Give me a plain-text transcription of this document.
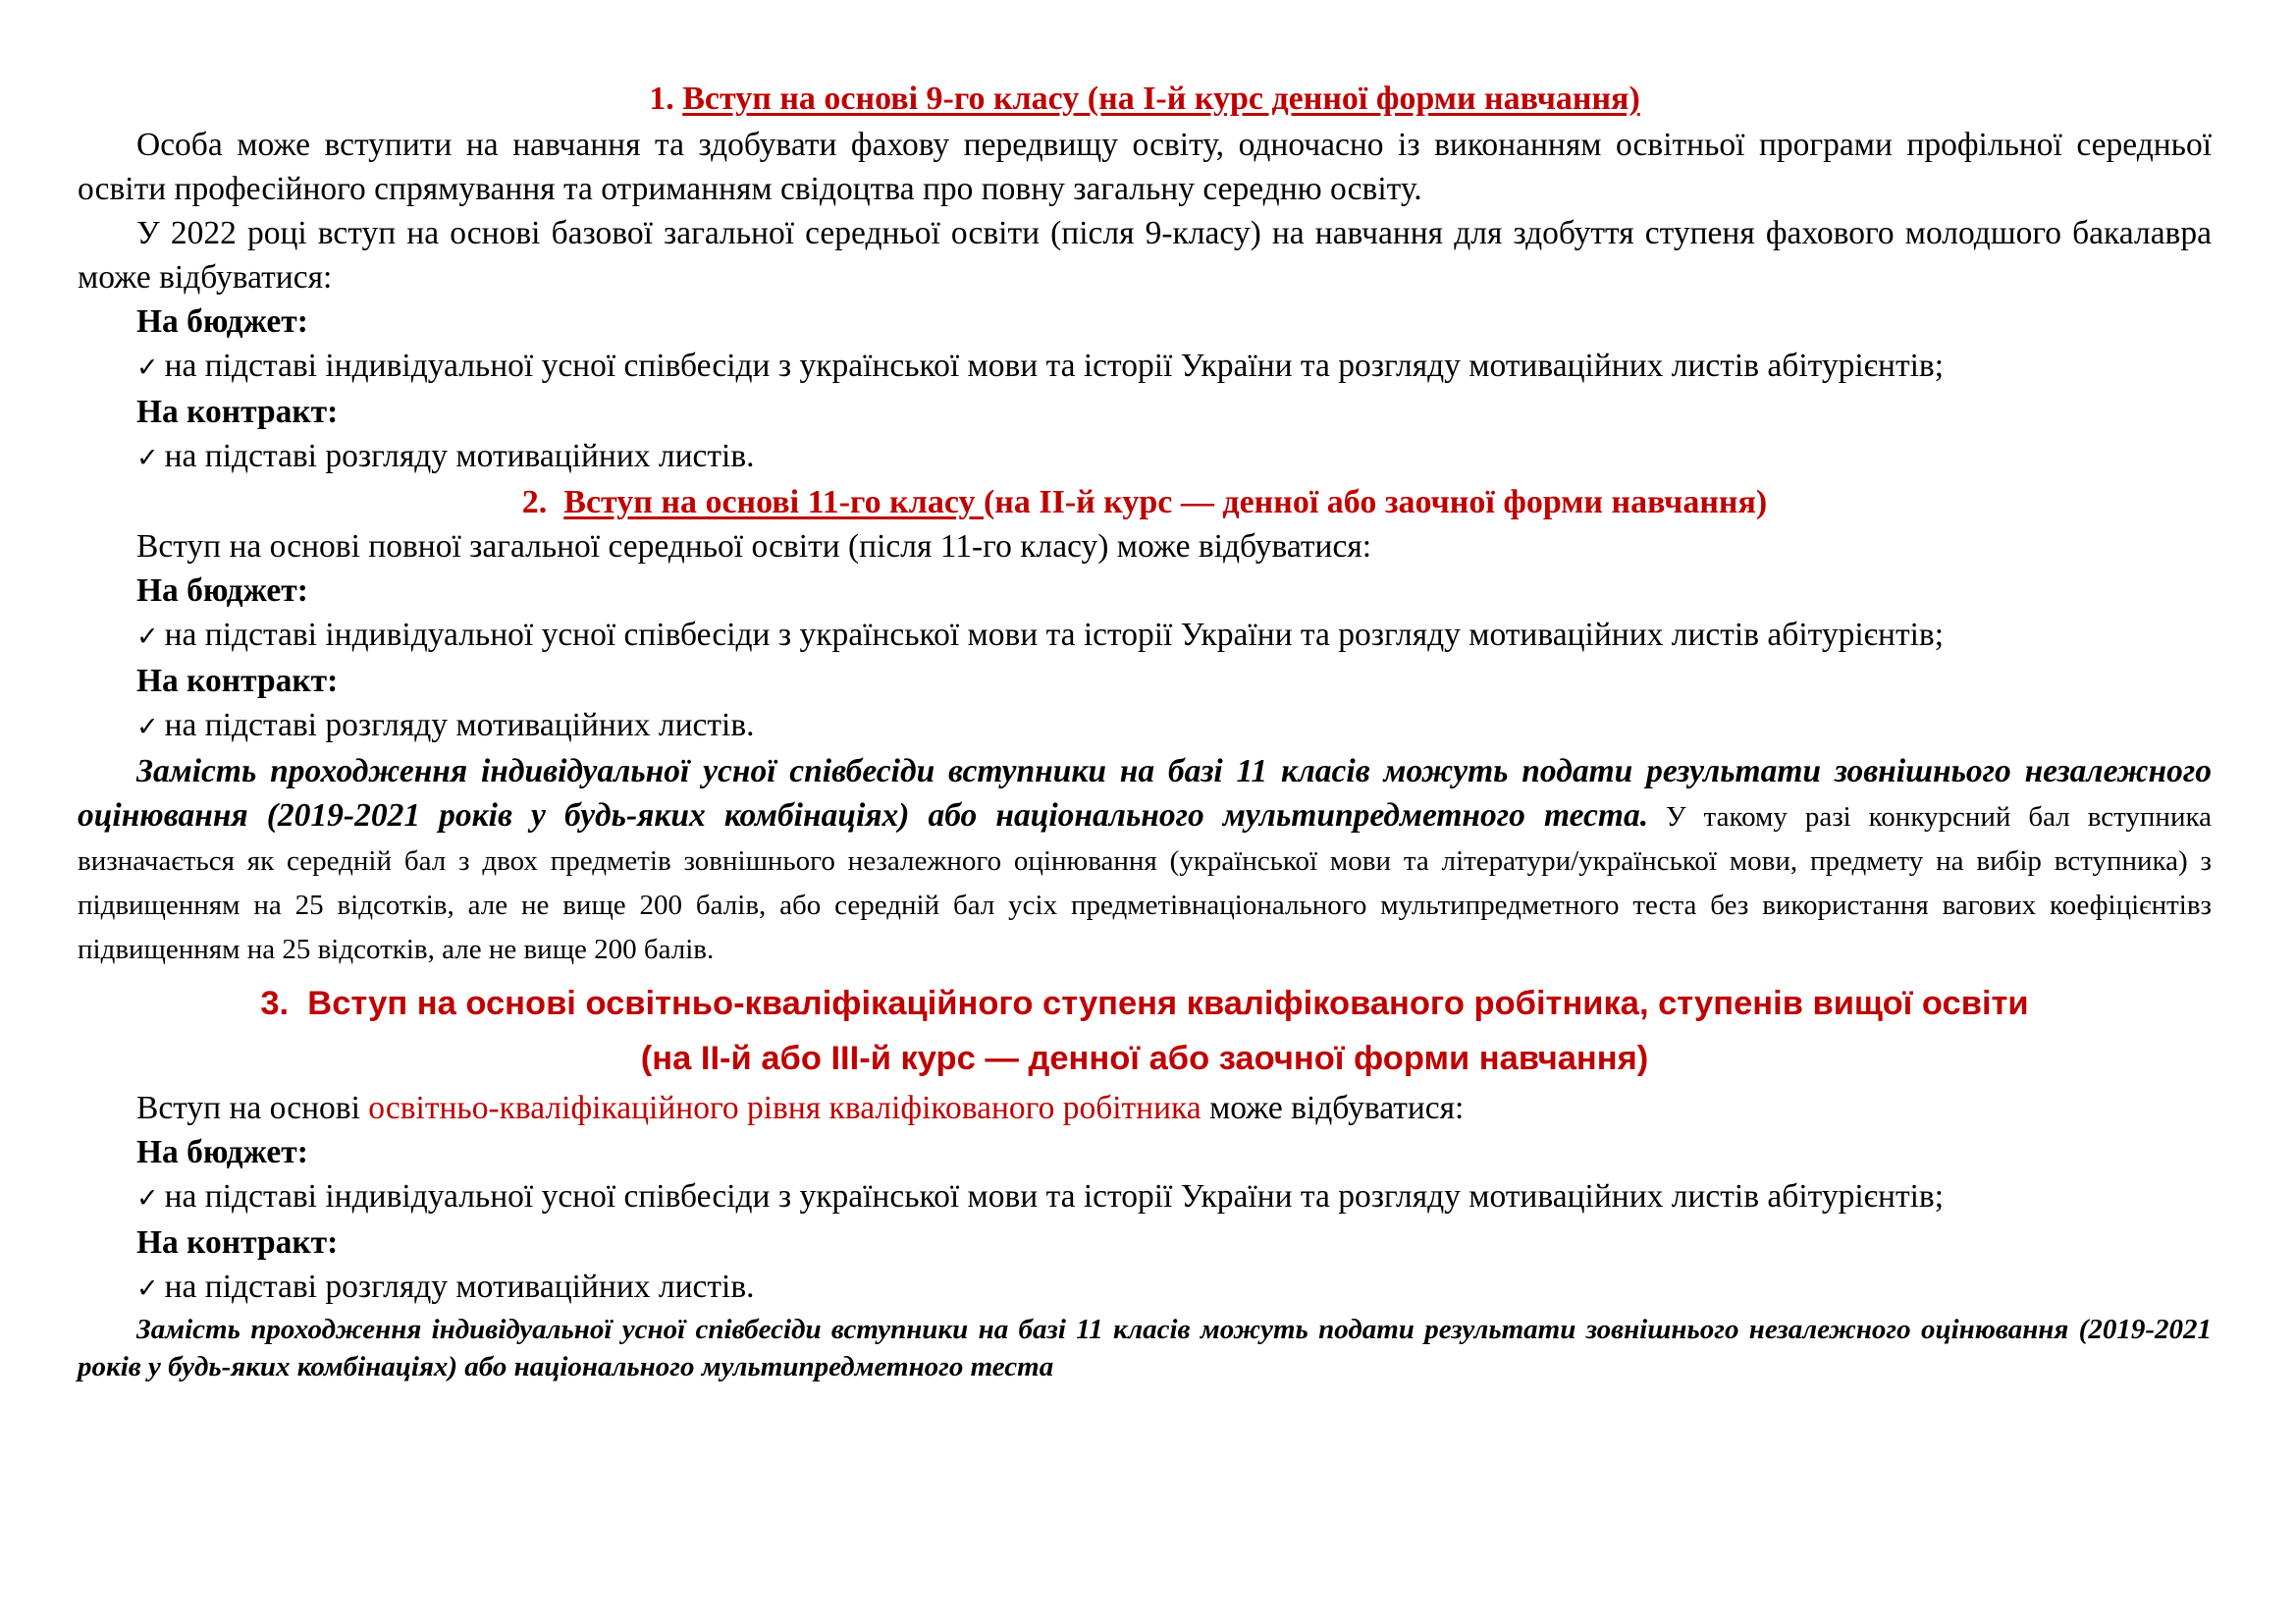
1. Вступ на основі 9-го класу (на І-й курс денної форми навчання)

Особа може вступити на навчання та здобувати фахову передвищу освіту, одночасно із виконанням освітньої програми профільної середньої освіти професійного спрямування та отриманням свідоцтва про повну загальну середню освіту.

У 2022 році вступ на основі базової загальної середньої освіти (після 9-класу) на навчання для здобуття ступеня фахового молодшого бакалавра може відбуватися:

На бюджет:

✓ на підставі індивідуальної усної співбесіди з української мови та історії України та розгляду мотиваційних листів абітурієнтів;

На контракт:

✓ на підставі розгляду мотиваційних листів.

2. Вступ на основі 11-го класу (на ІІ-й курс — денної або заочної форми навчання)

Вступ на основі повної загальної середньої освіти (після 11-го класу) може відбуватися:

На бюджет:

✓ на підставі індивідуальної усної співбесіди з української мови та історії України та розгляду мотиваційних листів абітурієнтів;

На контракт:

✓ на підставі розгляду мотиваційних листів.

Замість проходження індивідуальної усної співбесіди вступники на базі 11 класів можуть подати результати зовнішнього незалежного оцінювання (2019-2021 років у будь-яких комбінаціях) або національного мультипредметного теста. У такому разі конкурсний бал вступника визначається як середній бал з двох предметів зовнішнього незалежного оцінювання (української мови та літератури/української мови, предмету на вибір вступника) з підвищенням на 25 відсотків, але не вище 200 балів, або середній бал усіх предметівнаціонального мультипредметного теста без використання вагових коефіцієнтівз підвищенням на 25 відсотків, але не вище 200 балів.

3. Вступ на основі освітньо-кваліфікаційного ступеня кваліфікованого робітника, ступенів вищої освіти

(на ІІ-й або ІІІ-й курс — денної або заочної форми навчання)

Вступ на основі освітньо-кваліфікаційного рівня кваліфікованого робітника може відбуватися:

На бюджет:

✓ на підставі індивідуальної усної співбесіди з української мови та історії України та розгляду мотиваційних листів абітурієнтів;

На контракт:

✓ на підставі розгляду мотиваційних листів.

Замість проходження індивідуальної усної співбесіди вступники на базі 11 класів можуть подати результати зовнішнього незалежного оцінювання (2019-2021 років у будь-яких комбінаціях) або національного мультипредметного теста
